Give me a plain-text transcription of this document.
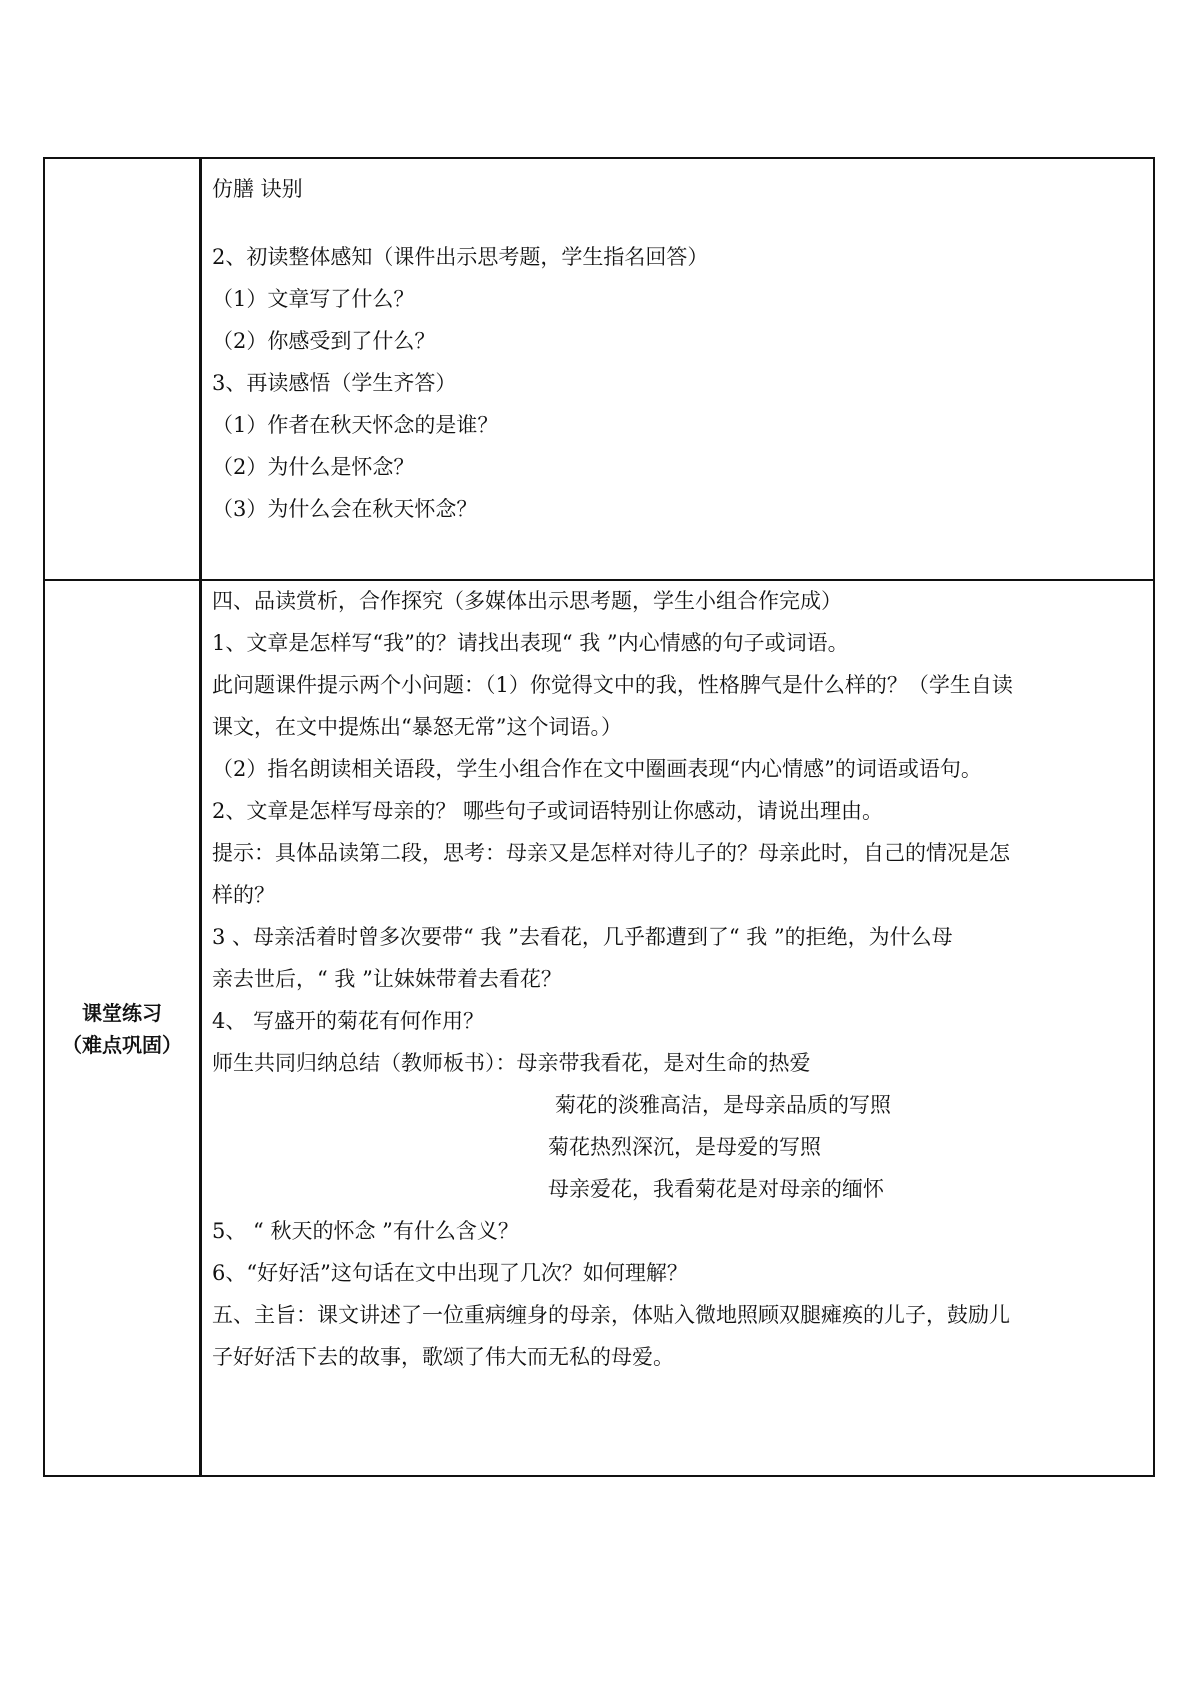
仿膳 诀别
2、初读整体感知（课件出示思考题，学生指名回答）
（1）文章写了什么？
（2）你感受到了什么？
3、再读感悟（学生齐答）
（1）作者在秋天怀念的是谁？
（2）为什么是怀念？
（3）为什么会在秋天怀念？
课堂练习
（难点巩固）
四、品读赏析，合作探究（多媒体出示思考题，学生小组合作完成）
1、文章是怎样写“我”的？请找出表现“ 我 ”内心情感的句子或词语。
此问题课件提示两个小问题：（1）你觉得文中的我，性格脾气是什么样的？（学生自读
课文，在文中提炼出“暴怒无常”这个词语。）
（2）指名朗读相关语段，学生小组合作在文中圈画表现“内心情感”的词语或语句。
2、文章是怎样写母亲的？ 哪些句子或词语特别让你感动，请说出理由。
提示：具体品读第二段，思考：母亲又是怎样对待儿子的？母亲此时，自己的情况是怎
样的？
3 、母亲活着时曾多次要带“ 我 ”去看花，几乎都遭到了“ 我 ”的拒绝，为什么母
亲去世后，“ 我 ”让妹妹带着去看花？
4、 写盛开的菊花有何作用？
师生共同归纳总结（教师板书）：母亲带我看花，是对生命的热爱
菊花的淡雅高洁，是母亲品质的写照
菊花热烈深沉，是母爱的写照
母亲爱花，我看菊花是对母亲的缅怀
5、 “ 秋天的怀念 ”有什么含义？
6、“好好活”这句话在文中出现了几次？如何理解？
五、主旨：课文讲述了一位重病缠身的母亲，体贴入微地照顾双腿瘫痪的儿子，鼓励儿
子好好活下去的故事，歌颂了伟大而无私的母爱。
